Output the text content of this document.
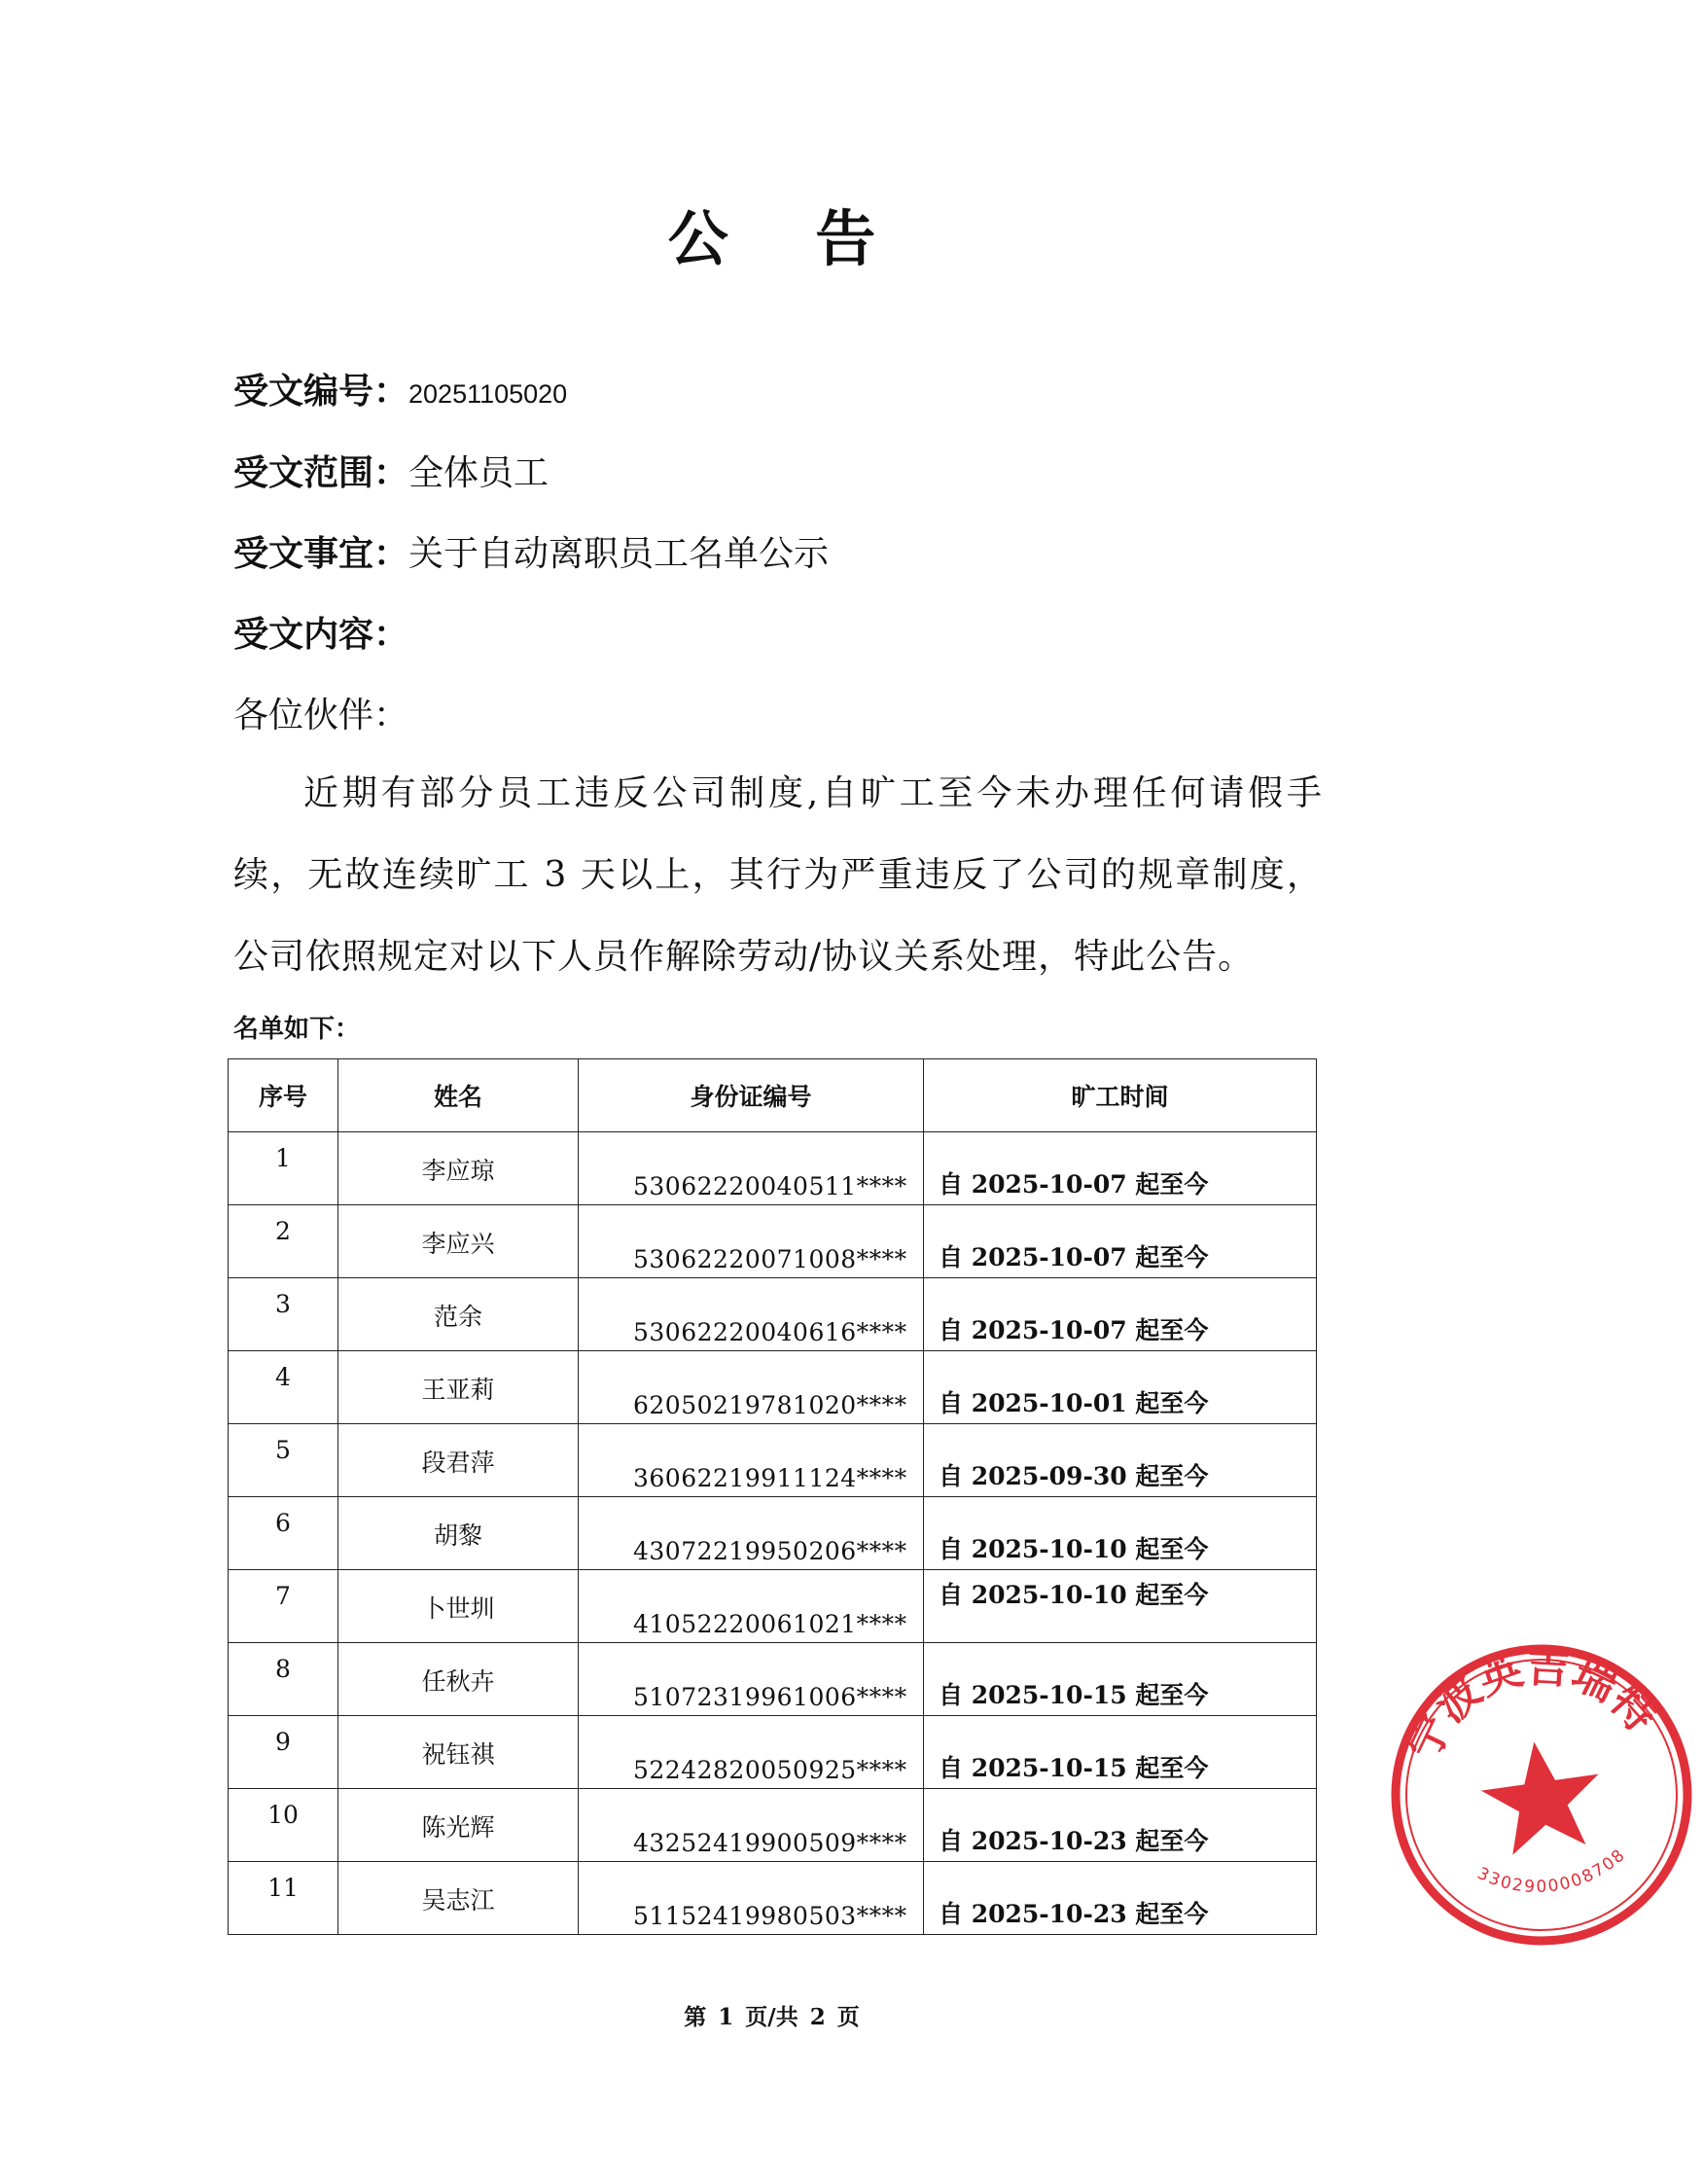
公 告
受文编号：20251105020
受文范围：全体员工
受文事宜：关于自动离职员工名单公示
受文内容：
各位伙伴：
近期有部分员工违反公司制度,自旷工至今未办理任何请假手续，无故连续旷工 3 天以上，其行为严重违反了公司的规章制度，公司依照规定对以下人员作解除劳动/协议关系处理，特此公告。
名单如下：
序号	姓名	身份证编号	旷工时间

1	李应琼	53062220040511****	自 2025-10-07 起至今

2	李应兴	53062220071008****	自 2025-10-07 起至今

3	范余	53062220040616****	自 2025-10-07 起至今

4	王亚莉	62050219781020****	自 2025-10-01 起至今

5	段君萍	36062219911124****	自 2025-09-30 起至今

6	胡黎	43072219950206****	自 2025-10-10 起至今

7	卜世圳	41052220061021****	自 2025-10-10 起至今

8	任秋卉	51072319961006****	自 2025-10-15 起至今

9	祝钰祺	52242820050925****	自 2025-10-15 起至今

10	陈光辉	43252419900509****	自 2025-10-23 起至今

11	吴志江	51152419980503****	自 2025-10-23 起至今
第 1 页/共 2 页
宁波英吉瑞特
3302900008708
